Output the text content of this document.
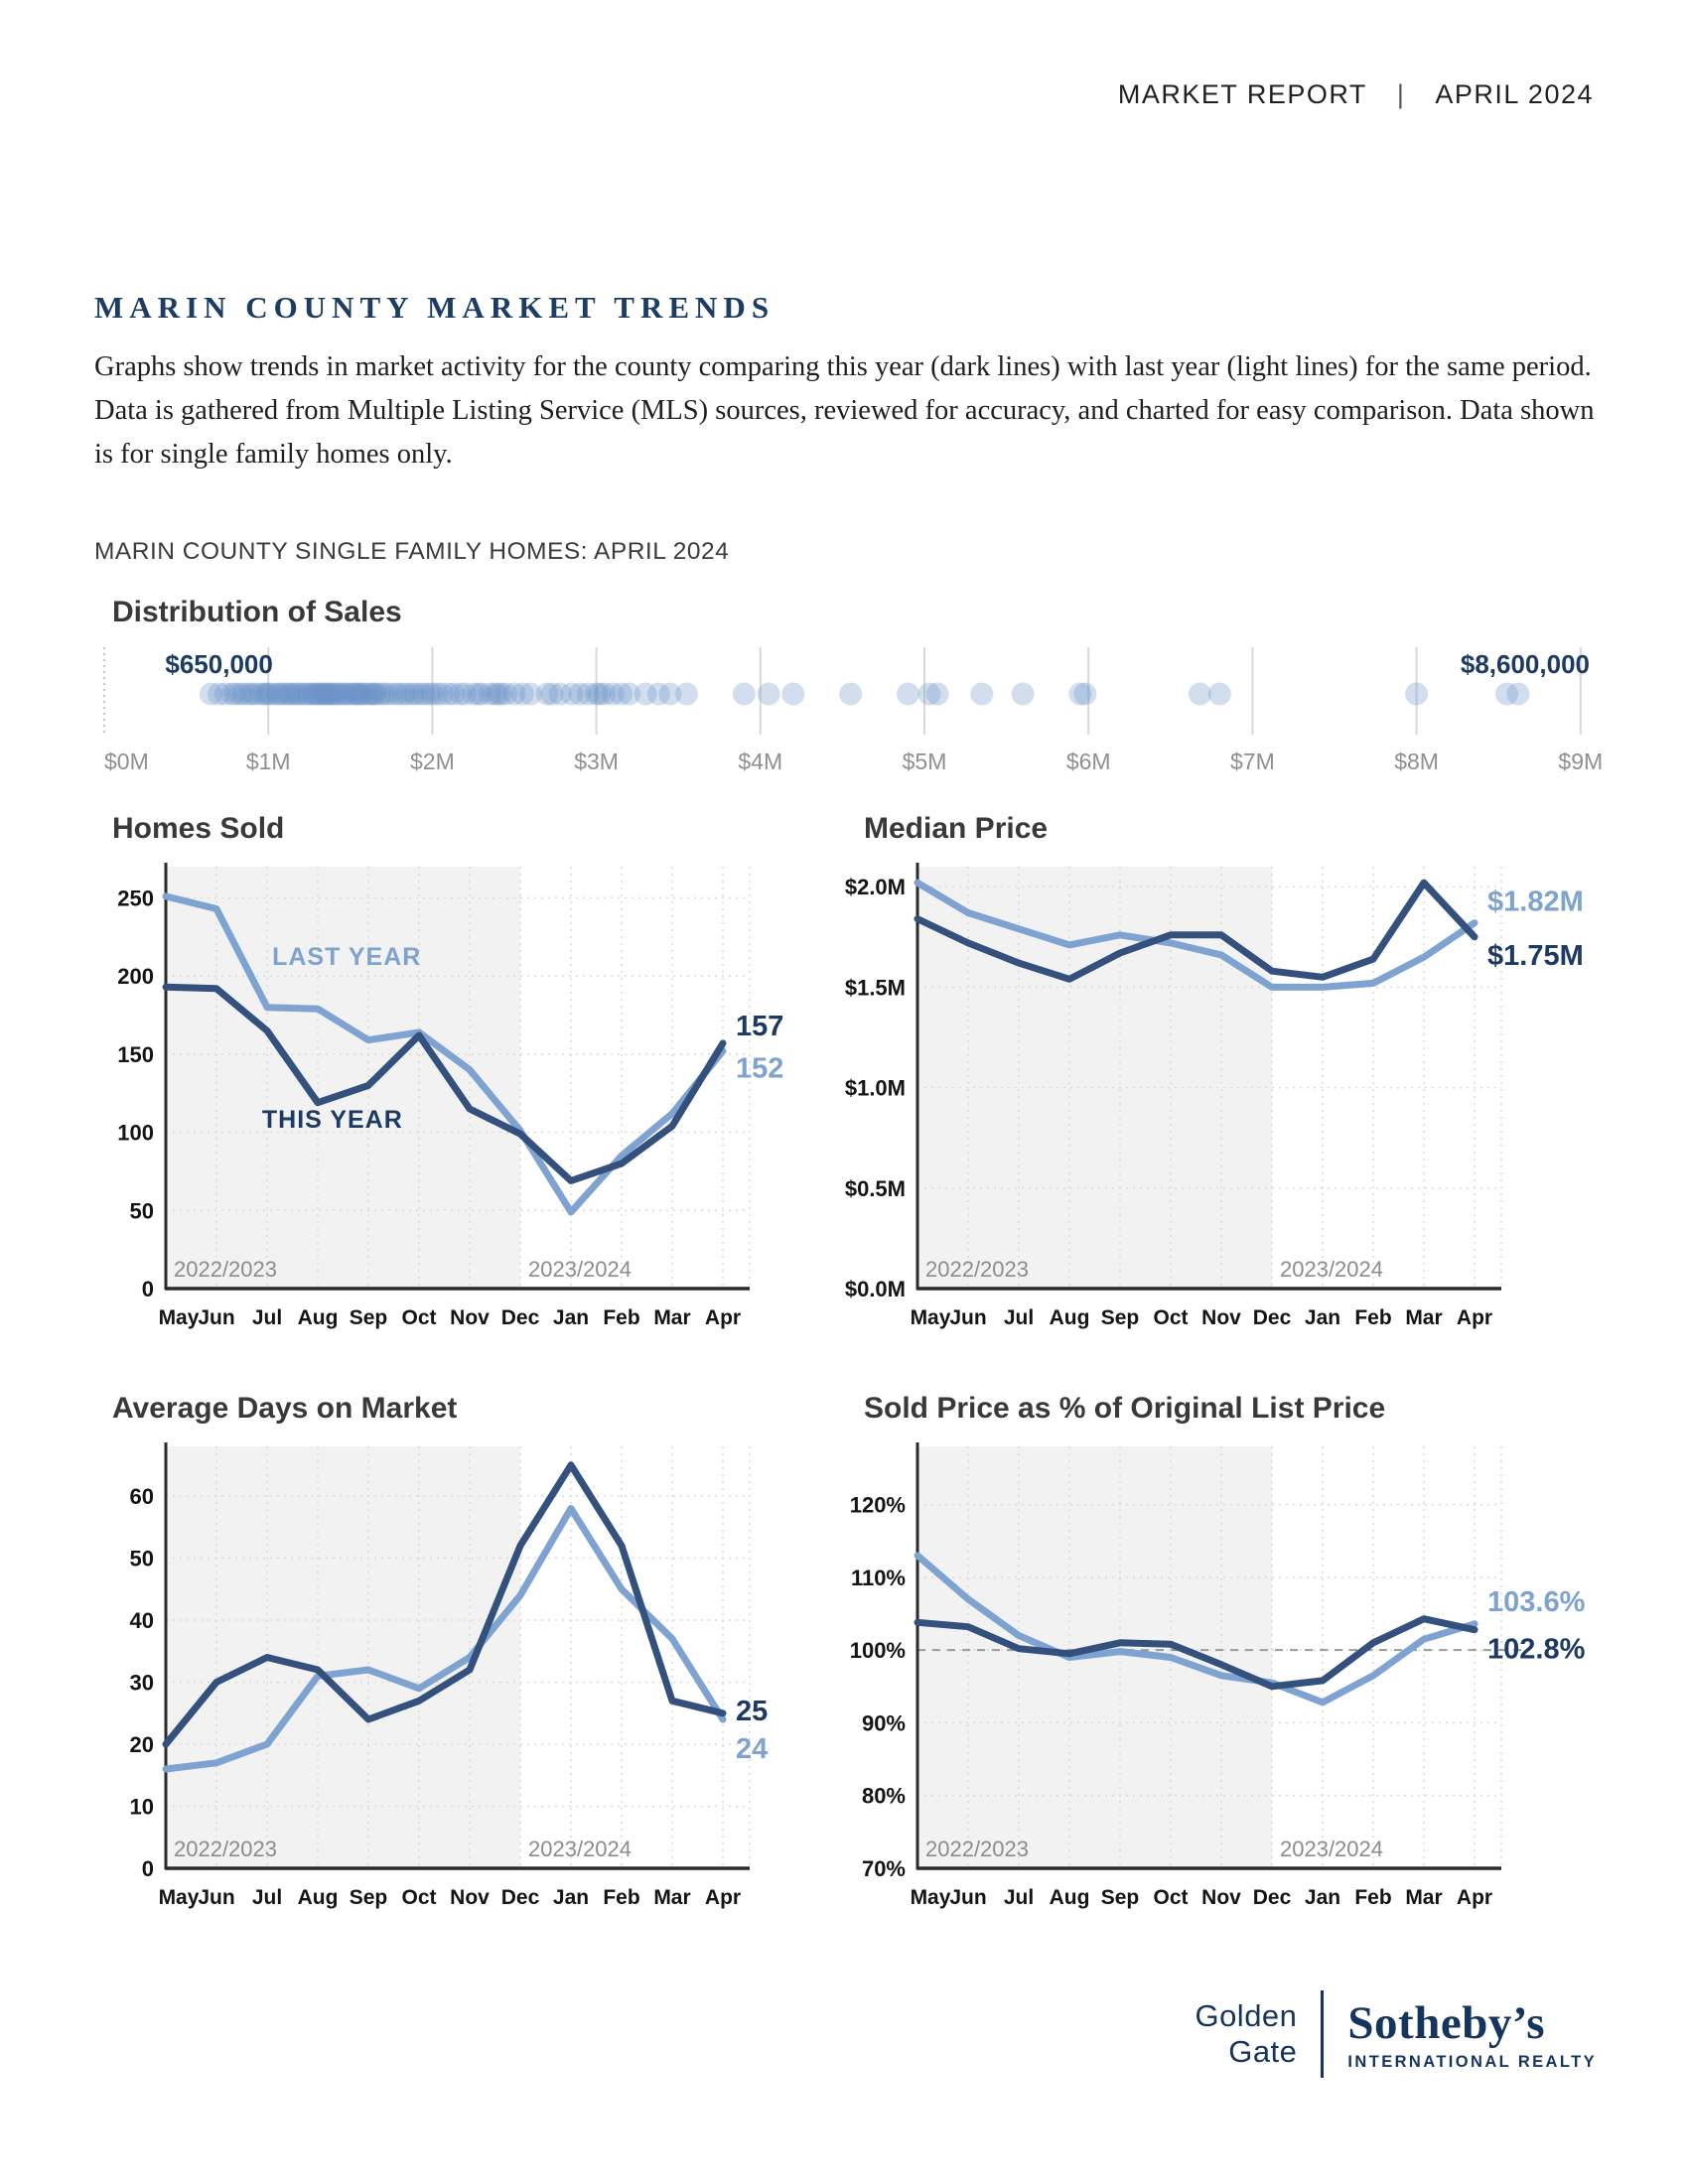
MARKET REPORT | APRIL 2024
MARIN COUNTY MARKET TRENDS

Graphs show trends in market activity for the county comparing this year (dark lines) with last year (light lines) for the same period. Data is gathered from Multiple Listing Service (MLS) sources, reviewed for accuracy, and charted for easy comparison. Data shown is for single family homes only.

MARIN COUNTY SINGLE FAMILY HOMES: APRIL 2024
Distribution of Sales
$650,000	$8,600,000
$0M	$1M	$2M	$3M	$4M	$5M	$6M	$7M	$8M	$9M
Homes Sold
2022/2023	2023/2024
0
50
100
150
200
250
May
Jun Jul Aug Sep Oct Nov Dec Jan Feb Mar Apr
152
157
LAST YEAR
THIS YEAR
Median Price
2022/2023	2023/2024
$0.0M
$0.5M
$1.0M
$1.5M
$2.0M
May
Jun Jul Aug Sep Oct Nov Dec Jan Feb Mar Apr
$1.82M
$1.75M
Average Days on Market
2022/2023	2023/2024
0
10
20
30
40
50
60
May
Jun Jul Aug Sep Oct Nov Dec Jan Feb Mar Apr
24
25
Sold Price as % of Original List Price
2022/2023	2023/2024
70%
80%
90%
100%
110%
120%
May
Jun Jul Aug Sep Oct Nov Dec Jan Feb Mar Apr
103.6%
102.8%
Golden
Gate
Sotheby’s
INTERNATIONAL REALTY
